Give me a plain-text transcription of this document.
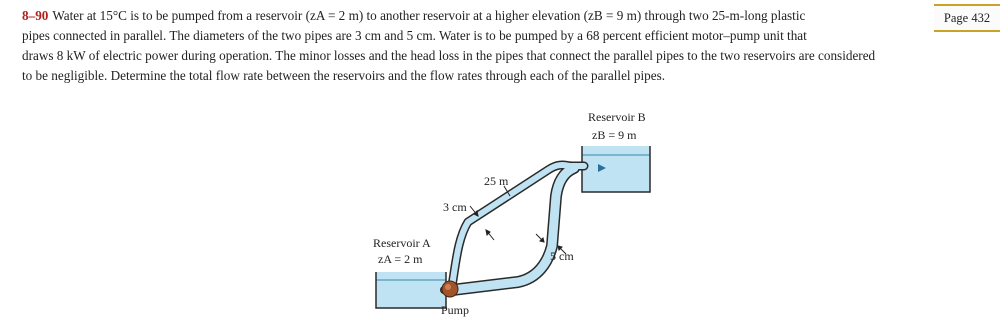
8–90 Water at 15°C is to be pumped from a reservoir (zA = 2 m) to another reservoir at a higher elevation (zB = 9 m) through two 25-m-long plastic
pipes connected in parallel. The diameters of the two pipes are 3 cm and 5 cm. Water is to be pumped by a 68 percent efficient motor–pump unit that
draws 8 kW of electric power during operation. The minor losses and the head loss in the pipes that connect the parallel pipes to the two reservoirs are considered
to be negligible. Determine the total flow rate between the reservoirs and the flow rates through each of the parallel pipes.
Page 432
Reservoir B
zB = 9 m
Reservoir A
zA = 2 m
25 m
3 cm
5 cm
Pump
